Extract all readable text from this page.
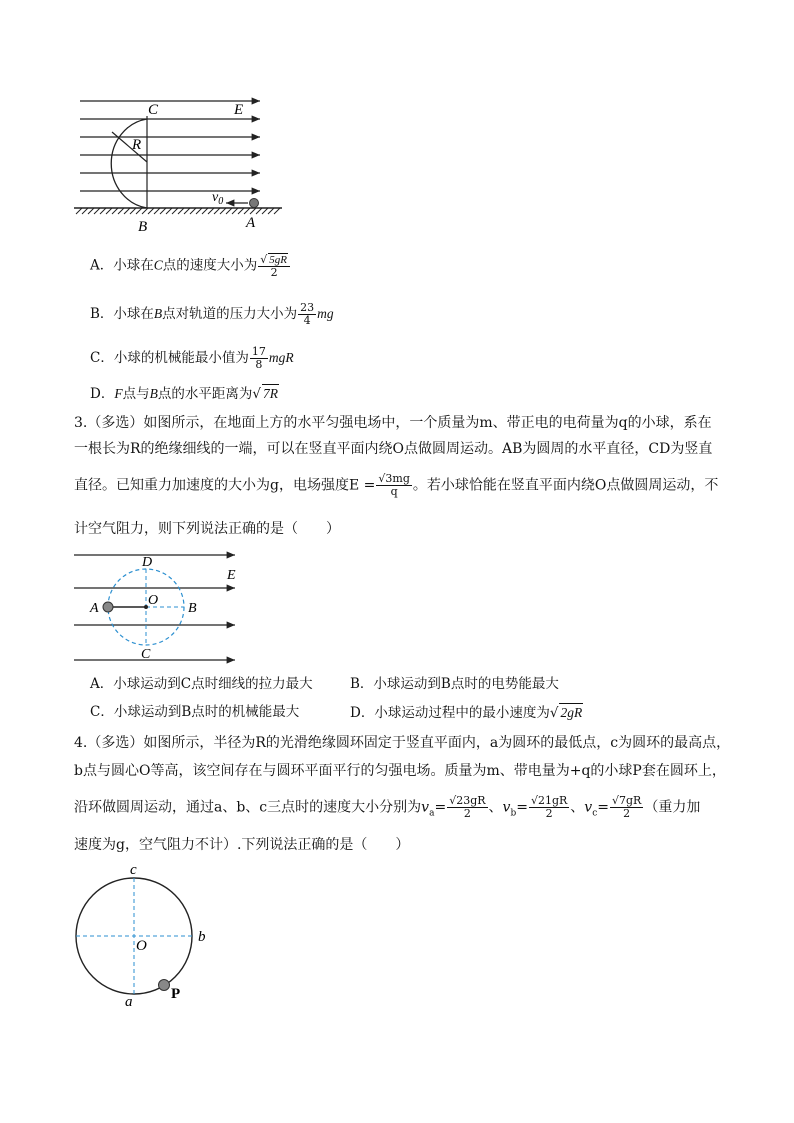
C	E
R
$v_0$
B	A
A．小球在C点的速度大小为 $\frac{√ 5gR}{2}$
B．小球在B点对轨道的压力大小为 $\frac{23}{4}$ mg
C．小球的机械能最小值为 $\frac{17}{8}$ mgR
D．F点与B点的水平距离为√ 7R
3.（多选）如图所示，在地面上方的水平匀强电场中，一个质量为m、带正电的电荷量为q的小球，系在
一根长为R的绝缘细线的一端，可以在竖直平面内绕O点做圆周运动。AB为圆周的水平直径，CD为竖直
直径。已知重力加速度的大小为g，电场强度$E = \frac{√3mg}{q}$ 。若小球恰能在竖直平面内绕O点做圆周运动，不
计空气阻力，则下列说法正确的是（　　）
D
E
A
O
B
C
A．小球运动到C点时细线的拉力最大	B．小球运动到B点时的电势能最大
C．小球运动到B点时的机械能最大	D．小球运动过程中的最小速度为√ 2gR
4.（多选）如图所示，半径为R的光滑绝缘圆环固定于竖直平面内，a为圆环的最低点，c为圆环的最高点，
b点与圆心O等高，该空间存在与圆环平面平行的匀强电场。质量为m、带电量为+q的小球P套在圆环上，
沿环做圆周运动，通过a、b、c三点时的速度大小分别为$v_a= \frac{√23gR}{2}$ 、$v_b= \frac{√21gR}{2}$ 、$v_c= \frac{√7gR}{2}$ （重力加
速度为g，空气阻力不计）.下列说法正确的是（　　）
c
O
b
a	P
